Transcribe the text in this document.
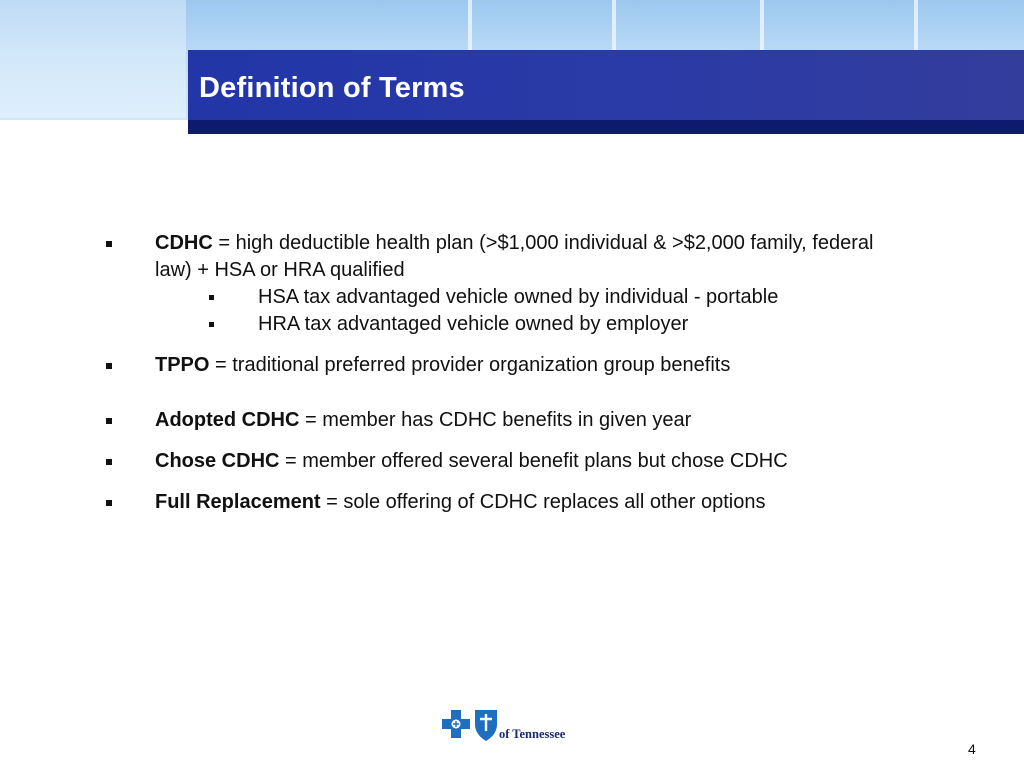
Definition of Terms
CDHC = high deductible health plan (>$1,000 individual & >$2,000 family, federal law) + HSA or HRA qualified
HSA tax advantaged vehicle owned by individual - portable
HRA tax advantaged vehicle owned by employer
TPPO = traditional preferred provider organization group benefits
Adopted CDHC = member has CDHC benefits in given year
Chose CDHC = member offered several benefit plans but chose CDHC
Full Replacement = sole offering of CDHC replaces all other options
of Tennessee
4
